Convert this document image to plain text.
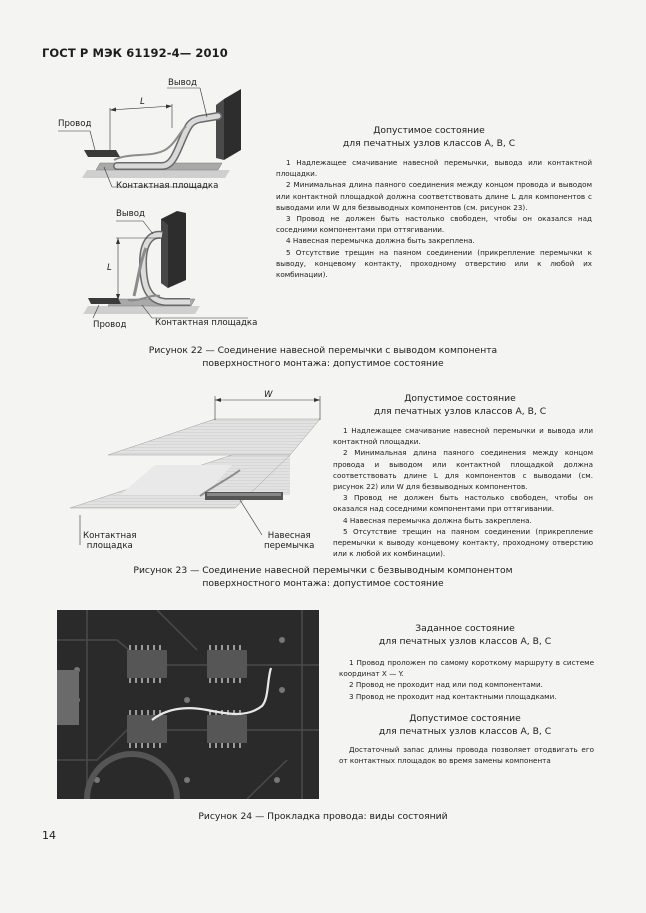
ГОСТ Р МЭК 61192-4— 2010
Провод
Вывод
Контактная площадка
L
Вывод
Провод	Контактная площадка
L
Допустимое состояние
для печатных узлов классов А, В, С

1 Надлежащее смачивание навесной перемычки, вывода или контактной площадки.

2 Минимальная длина паяного соединения между концом провода и выводом или контактной площадкой должна соответствовать длине L для компонентов с выводами или W для безвыводных компонентов (см. рисунок 23).

3 Провод не должен быть настолько свободен, чтобы он оказался над соседними компонентами при оттягивании.

4 Навесная перемычка должна быть закреплена.

5 Отсутствие трещин на паяном соединении (прикрепление перемычки к выводу, концевому контакту, проходному отверстию или к любой их комбинации).

Рисунок 22 — Соединение навесной перемычки с выводом компонента
поверхностного монтажа: допустимое состояние
W
Контактная
площадка
Навесная
перемычка
Допустимое состояние
для печатных узлов классов А, В, С

1 Надлежащее смачивание навесной перемычки и вывода или контактной площадки.

2 Минимальная длина паяного соединения между концом провода и выводом или контактной площадкой должна соответствовать длине L для компонентов с выводами (см. рисунок 22) или W для безвыводных компонентов.

3 Провод не должен быть настолько свободен, чтобы он оказался над соседними компонентами при оттягивании.

4 Навесная перемычка должна быть закреплена.

5 Отсутствие трещин на паяном соединении (прикрепление перемычки к выводу концевому контакту, проходному отверстию или к любой их комбинации).

Рисунок 23 — Соединение навесной перемычки с безвыводным компонентом
поверхностного монтажа: допустимое состояние
Заданное состояние
для печатных узлов классов А, В, С

1 Провод проложен по самому короткому маршруту в системе координат X — Y.

2 Провод не проходит над или под компонентами.

3 Провод не проходит над контактными площадками.

Допустимое состояние
для печатных узлов классов А, В, С

Достаточный запас длины провода позволяет отодвигать его от контактных площадок во время замены компонента

Рисунок 24 — Прокладка провода: виды состояний
14
